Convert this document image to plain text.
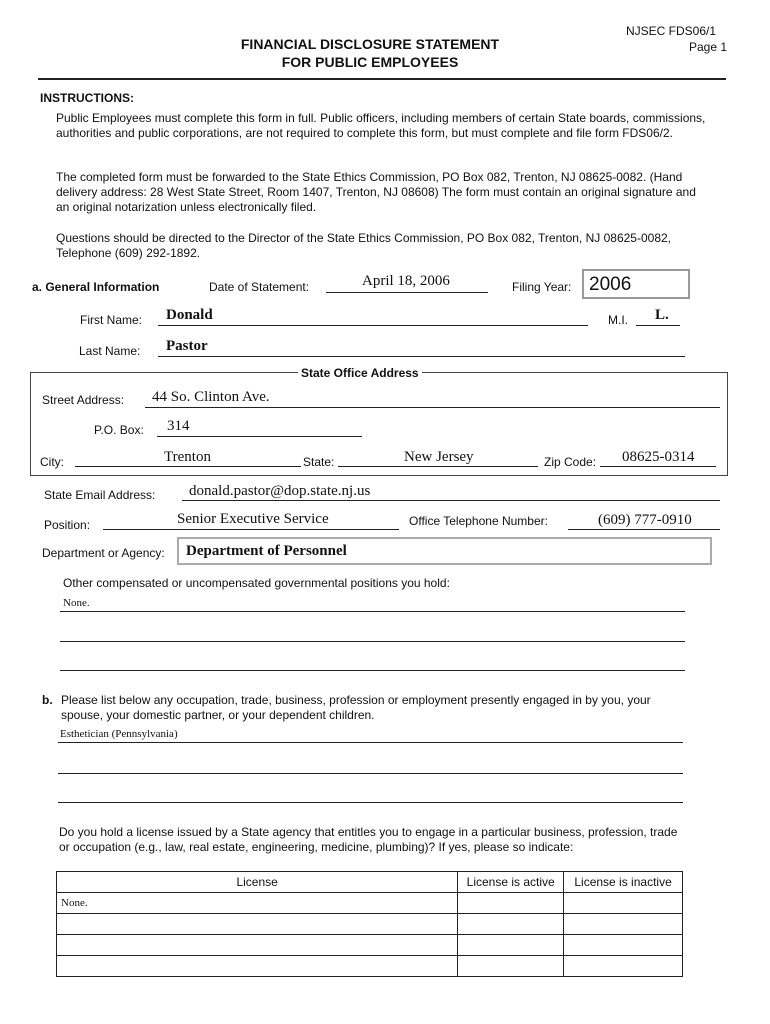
NJSEC FDS06/1
Page 1
FINANCIAL DISCLOSURE STATEMENT
FOR PUBLIC EMPLOYEES
INSTRUCTIONS:
Public Employees must complete this form in full. Public officers, including members of certain State boards, commissions, authorities and public corporations, are not required to complete this form, but must complete and file form FDS06/2.
The completed form must be forwarded to the State Ethics Commission, PO Box 082, Trenton, NJ 08625-0082. (Hand delivery address: 28 West State Street, Room 1407, Trenton, NJ 08608) The form must contain an original signature and an original notarization unless electronically filed.
Questions should be directed to the Director of the State Ethics Commission, PO Box 082, Trenton, NJ 08625-0082, Telephone (609) 292-1892.
a. General Information	Date of Statement:	April 18, 2006	Filing Year: 2006
First Name: Donald	M.I. L.
Last Name: Pastor
State Office Address
Street Address: 44 So. Clinton Ave.
P.O. Box: 314
City:	Trenton	State:	New Jersey	Zip Code: 08625-0314
State Email Address: donald.pastor@dop.state.nj.us
Position:	Senior Executive Service	Office Telephone Number:	(609) 777-0910
Department or Agency: Department of Personnel
Other compensated or uncompensated governmental positions you hold:
None.
b. Please list below any occupation, trade, business, profession or employment presently engaged in by you, your spouse, your domestic partner, or your dependent children.
Esthetician (Pennsylvania)
Do you hold a license issued by a State agency that entitles you to engage in a particular business, profession, trade or occupation (e.g., law, real estate, engineering, medicine, plumbing)? If yes, please so indicate:
License	License is active	License is inactive
None.		
